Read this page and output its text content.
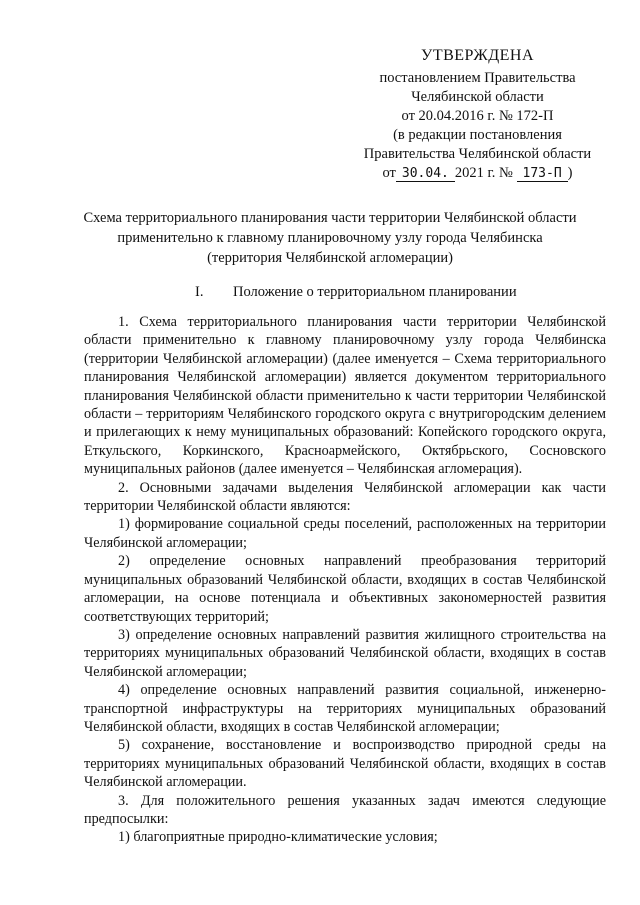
УТВЕРЖДЕНА
постановлением Правительства
Челябинской области
от 20.04.2016 г. № 172-П
(в редакции постановления
Правительства Челябинской области
от 30.04. 2021 г. № 173-П )
Схема территориального планирования части территории Челябинской области
применительно к главному планировочному узлу города Челябинска
(территория Челябинской агломерации)
I. Положение о территориальном планировании

1. Схема территориального планирования части территории Челябинской области применительно к главному планировочному узлу города Челябинска (территории Челябинской агломерации) (далее именуется – Схема территориального планирования Челябинской агломерации) является документом территориального планирования Челябинской области применительно к части территории Челябинской области – территориям Челябинского городского округа с внутригородским делением и прилегающих к нему муниципальных образований: Копейского городского округа, Еткульского, Коркинского, Красноармейского, Октябрьского, Сосновского муниципальных районов (далее именуется – Челябинская агломерация).

2. Основными задачами выделения Челябинской агломерации как части территории Челябинской области являются:

1) формирование социальной среды поселений, расположенных на территории Челябинской агломерации;

2) определение основных направлений преобразования территорий муниципальных образований Челябинской области, входящих в состав Челябинской агломерации, на основе потенциала и объективных закономерностей развития соответствующих территорий;

3) определение основных направлений развития жилищного строительства на территориях муниципальных образований Челябинской области, входящих в состав Челябинской агломерации;

4) определение основных направлений развития социальной, инженерно-транспортной инфраструктуры на территориях муниципальных образований Челябинской области, входящих в состав Челябинской агломерации;

5) сохранение, восстановление и воспроизводство природной среды на территориях муниципальных образований Челябинской области, входящих в состав Челябинской агломерации.

3. Для положительного решения указанных задач имеются следующие предпосылки:

1) благоприятные природно-климатические условия;
